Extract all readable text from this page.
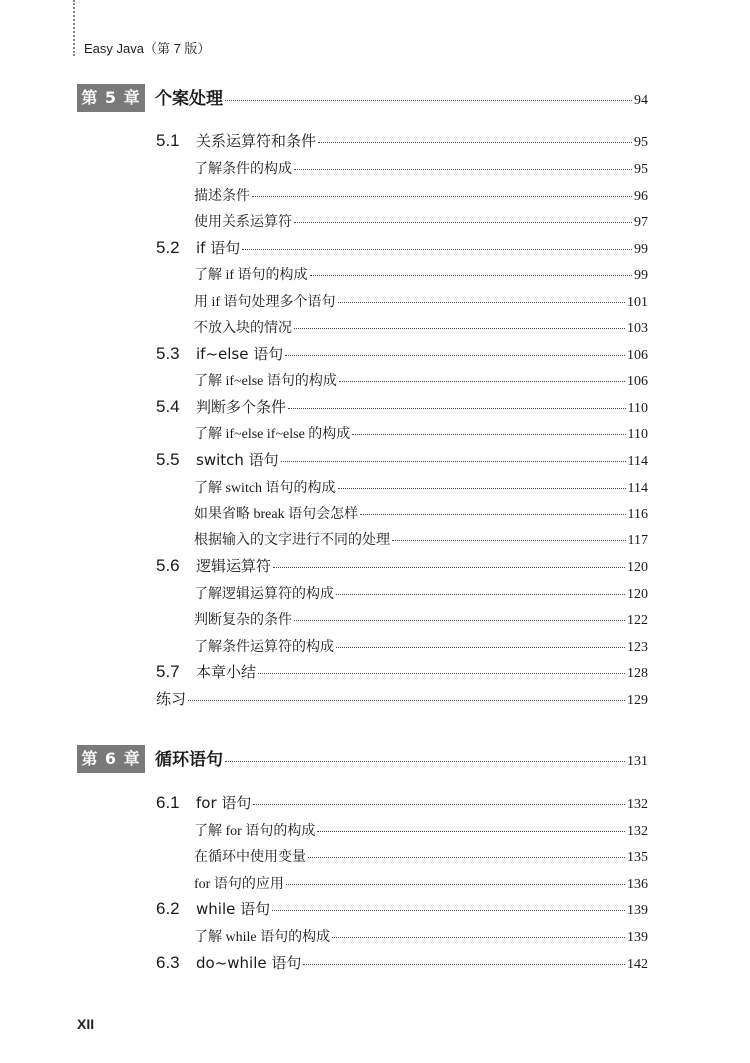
Easy Java（第 7 版）
第 5 章 个案处理	94
5.1	关系运算符和条件	95
了解条件的构成	95
描述条件	96
使用关系运算符	97
5.2	if 语句	99
了解 if 语句的构成	99
用 if 语句处理多个语句	101
不放入块的情况	103
5.3	if~else 语句	106
了解 if~else 语句的构成	106
5.4	判断多个条件	110
了解 if~else if~else 的构成	110
5.5	switch 语句	114
了解 switch 语句的构成	114
如果省略 break 语句会怎样	116
根据输入的文字进行不同的处理	117
5.6	逻辑运算符	120
了解逻辑运算符的构成	120
判断复杂的条件	122
了解条件运算符的构成	123
5.7	本章小结	128
练习	129
第 6 章 循环语句	131
6.1	for 语句	132
了解 for 语句的构成	132
在循环中使用变量	135
for 语句的应用	136
6.2	while 语句	139
了解 while 语句的构成	139
6.3	do~while 语句	142
XII
